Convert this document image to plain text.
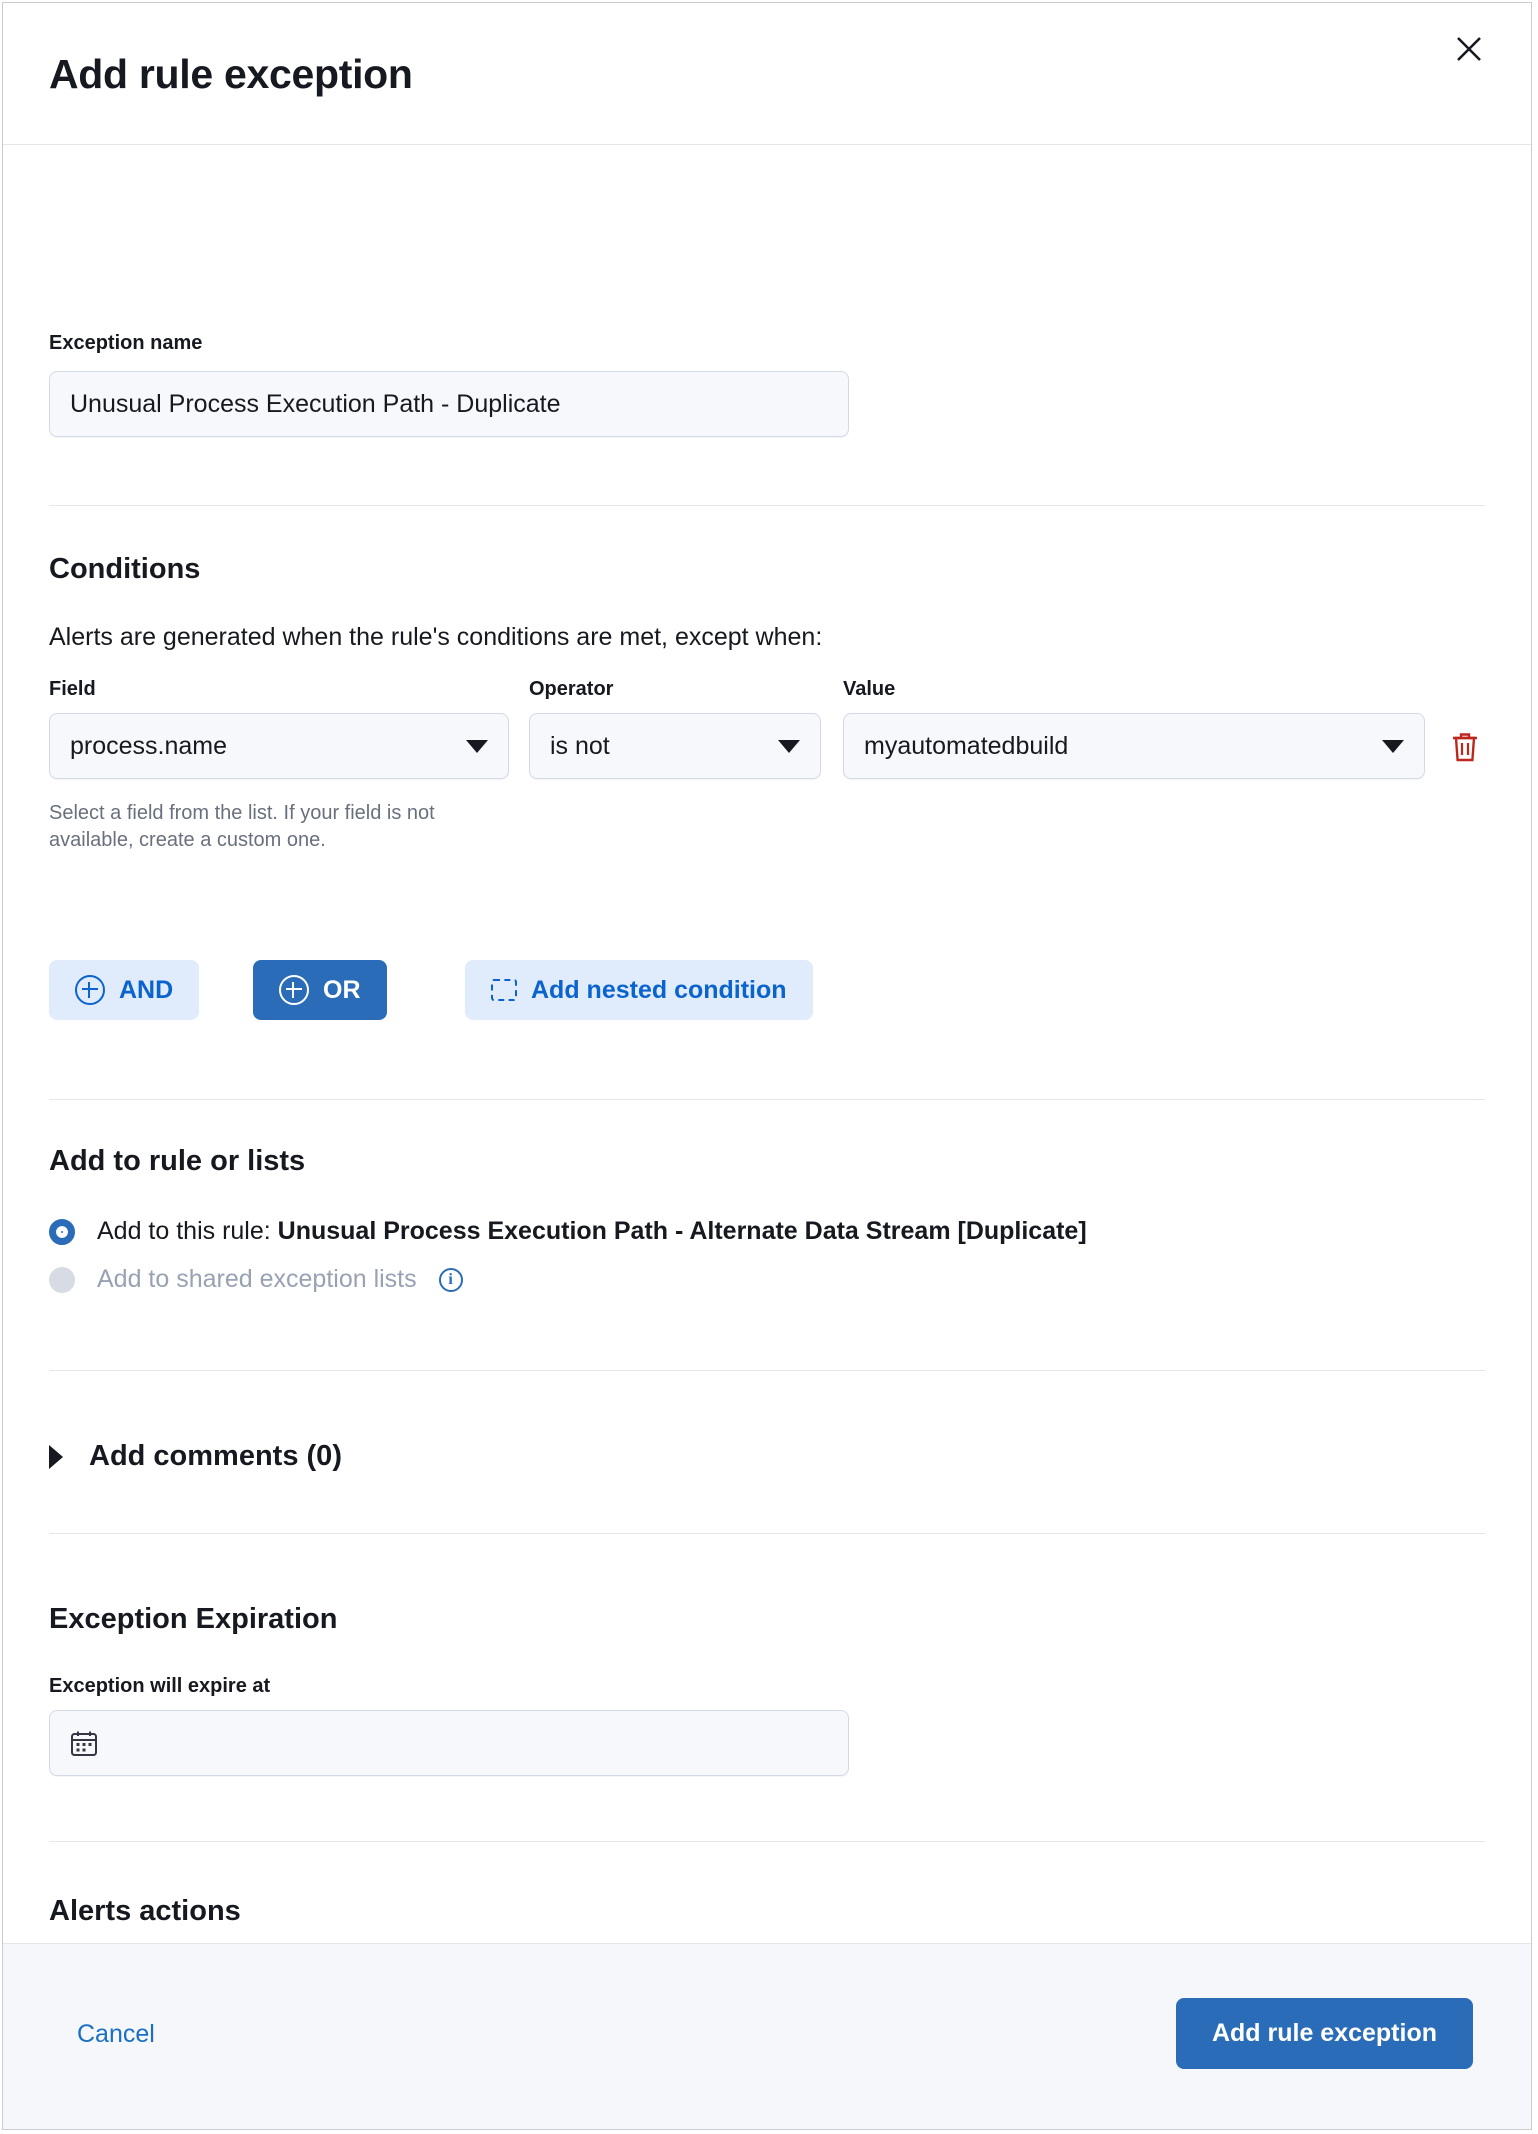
Add rule exception
Exception name
Unusual Process Execution Path - Duplicate
Conditions
Alerts are generated when the rule's conditions are met, except when:
Field	Operator	Value
process.name	is not	myautomatedbuild
Select a field from the list. If your field is not available, create a custom one.
AND	OR	Add nested condition
Add to rule or lists
Add to this rule: Unusual Process Execution Path - Alternate Data Stream [Duplicate]
Add to shared exception lists	i
Add comments (0)
Exception Expiration
Exception will expire at
Alerts actions
Cancel	Add rule exception
